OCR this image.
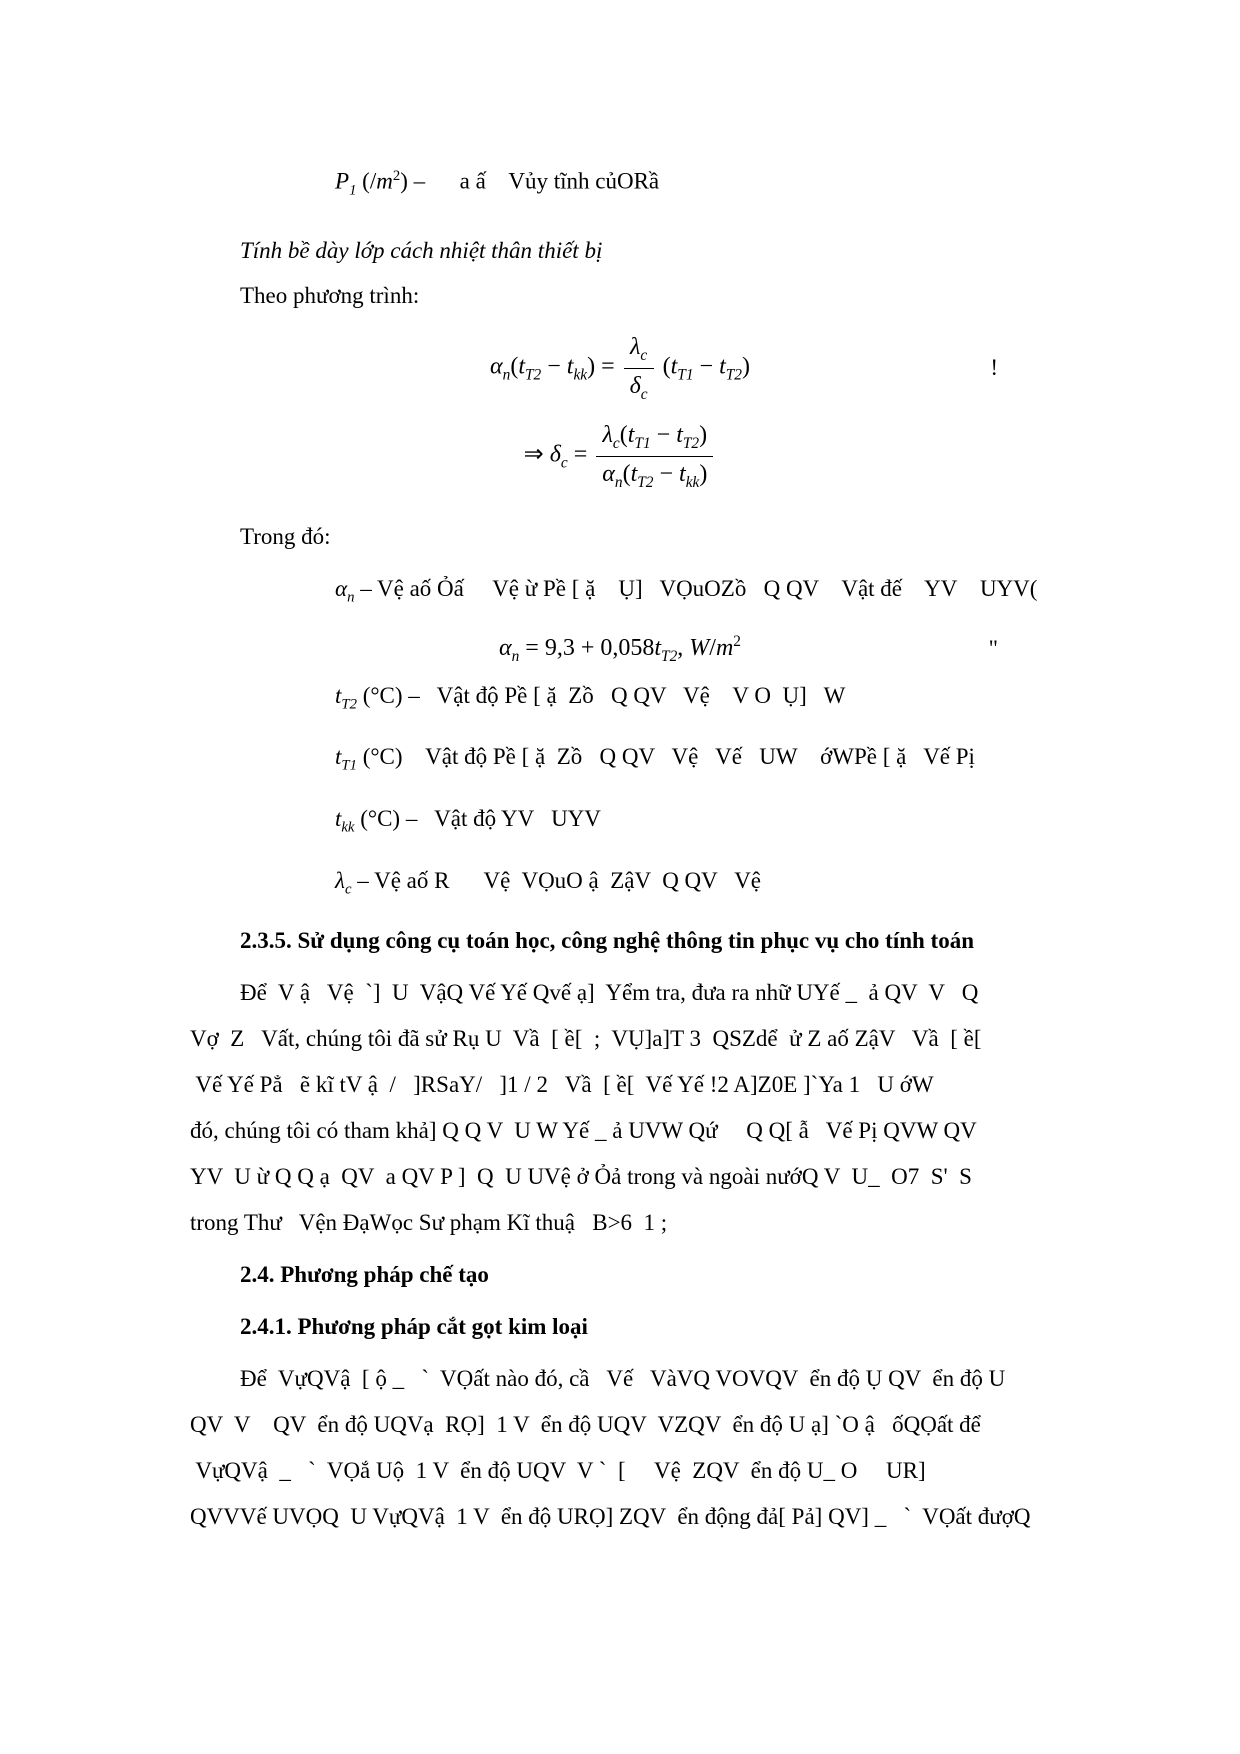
$P_1$ $(/m^2)$ –      a ấ    Vủy tĩnh củORầ
Tính bề dày lớp cách nhiệt thân thiết bị
Theo phương trình:
$\alpha_n(t_{T2} - t_{kk}) = \frac{\lambda_c}{\delta_c} (t_{T1} - t_{T2})$	!
⇒ $\delta_c = \frac{\lambda_c(t_{T1} - t_{T2})}{\alpha_n(t_{T2} - t_{kk})}$
Trong đó:
$\alpha_n$ – Vệ aố Ỏấ     Vệ ừ Pề [ ặ    Ụ]   VỌuOZồ   Q QV    Vật đế    YV    UYV(
$\alpha_n = 9,3 + 0,058t_{T2}$, $W/m^2$	"
$t_{T2}$ (°C) –   Vật độ Pề [ ặ  Zồ   Q QV   Vệ    V O  Ụ]   W
$t_{T1}$ (°C)    Vật độ Pề [ ặ  Zồ   Q QV   Vệ   Vế   UW    ớWPề [ ặ   Vế Pị
$t_{kk}$ (°C) –   Vật độ YV   UYV
$\lambda_c$ – Vệ aố R      Vệ  VỌuO ậ  ZậV  Q QV   Vệ
2.3.5. Sử dụng công cụ toán học, công nghệ thông tin phục vụ cho tính toán
Để  V ậ   Vệ  `]  U  VậQ Vế Yế Qvế ạ]  Yểm tra, đưa ra nhữ UYế _  ả QV  V   Q
Vợ  Z   Vất, chúng tôi đã sử Rụ U  Vầ  [ ề[  ;  VỤ]a]T 3  QSZdể  ử Z aố ZậV   Vầ  [ ề[
Vế Yế Pẳ   ẽ kĩ tV ậ  /   ]RSaY/   ]1 / 2   Vầ  [ ề[  Vế Yế !2 A]Z0E ]`Ya 1   U ớW
đó, chúng tôi có tham khả] Q Q V  U W Yế _ ả UVW Qứ     Q Q[ ẫ   Vế Pị QVW QV
YV  U ừ Q Q ạ  QV  a QV P ]  Q  U UVệ ở Ỏả trong và ngoài nướQ V  U_  O7  S'  S
trong Thư   Vện ĐạWọc Sư phạm Kĩ thuậ   B>6  1 ;
2.4. Phương pháp chế tạo
2.4.1. Phương pháp cắt gọt kim loại
Để  VựQVậ  [ ộ _   `  VỌất nào đó, cầ   Vế   VàVQ VOVQV  ển độ Ụ QV  ển độ U
QV  V    QV  ển độ UQVạ  RỌ]  1 V  ển độ UQV  VZQV  ển độ U ạ] `O ậ   ốQỌất để
VựQVậ  _   `  VỌắ Uộ  1 V  ển độ UQV  V `  [     Vệ  ZQV  ển độ U_ O     UR]
QVVVế UVỌQ  U VựQVậ  1 V  ển độ URỌ] ZQV  ển động đả[ Pả] QV] _   `  VỌất đượQ
